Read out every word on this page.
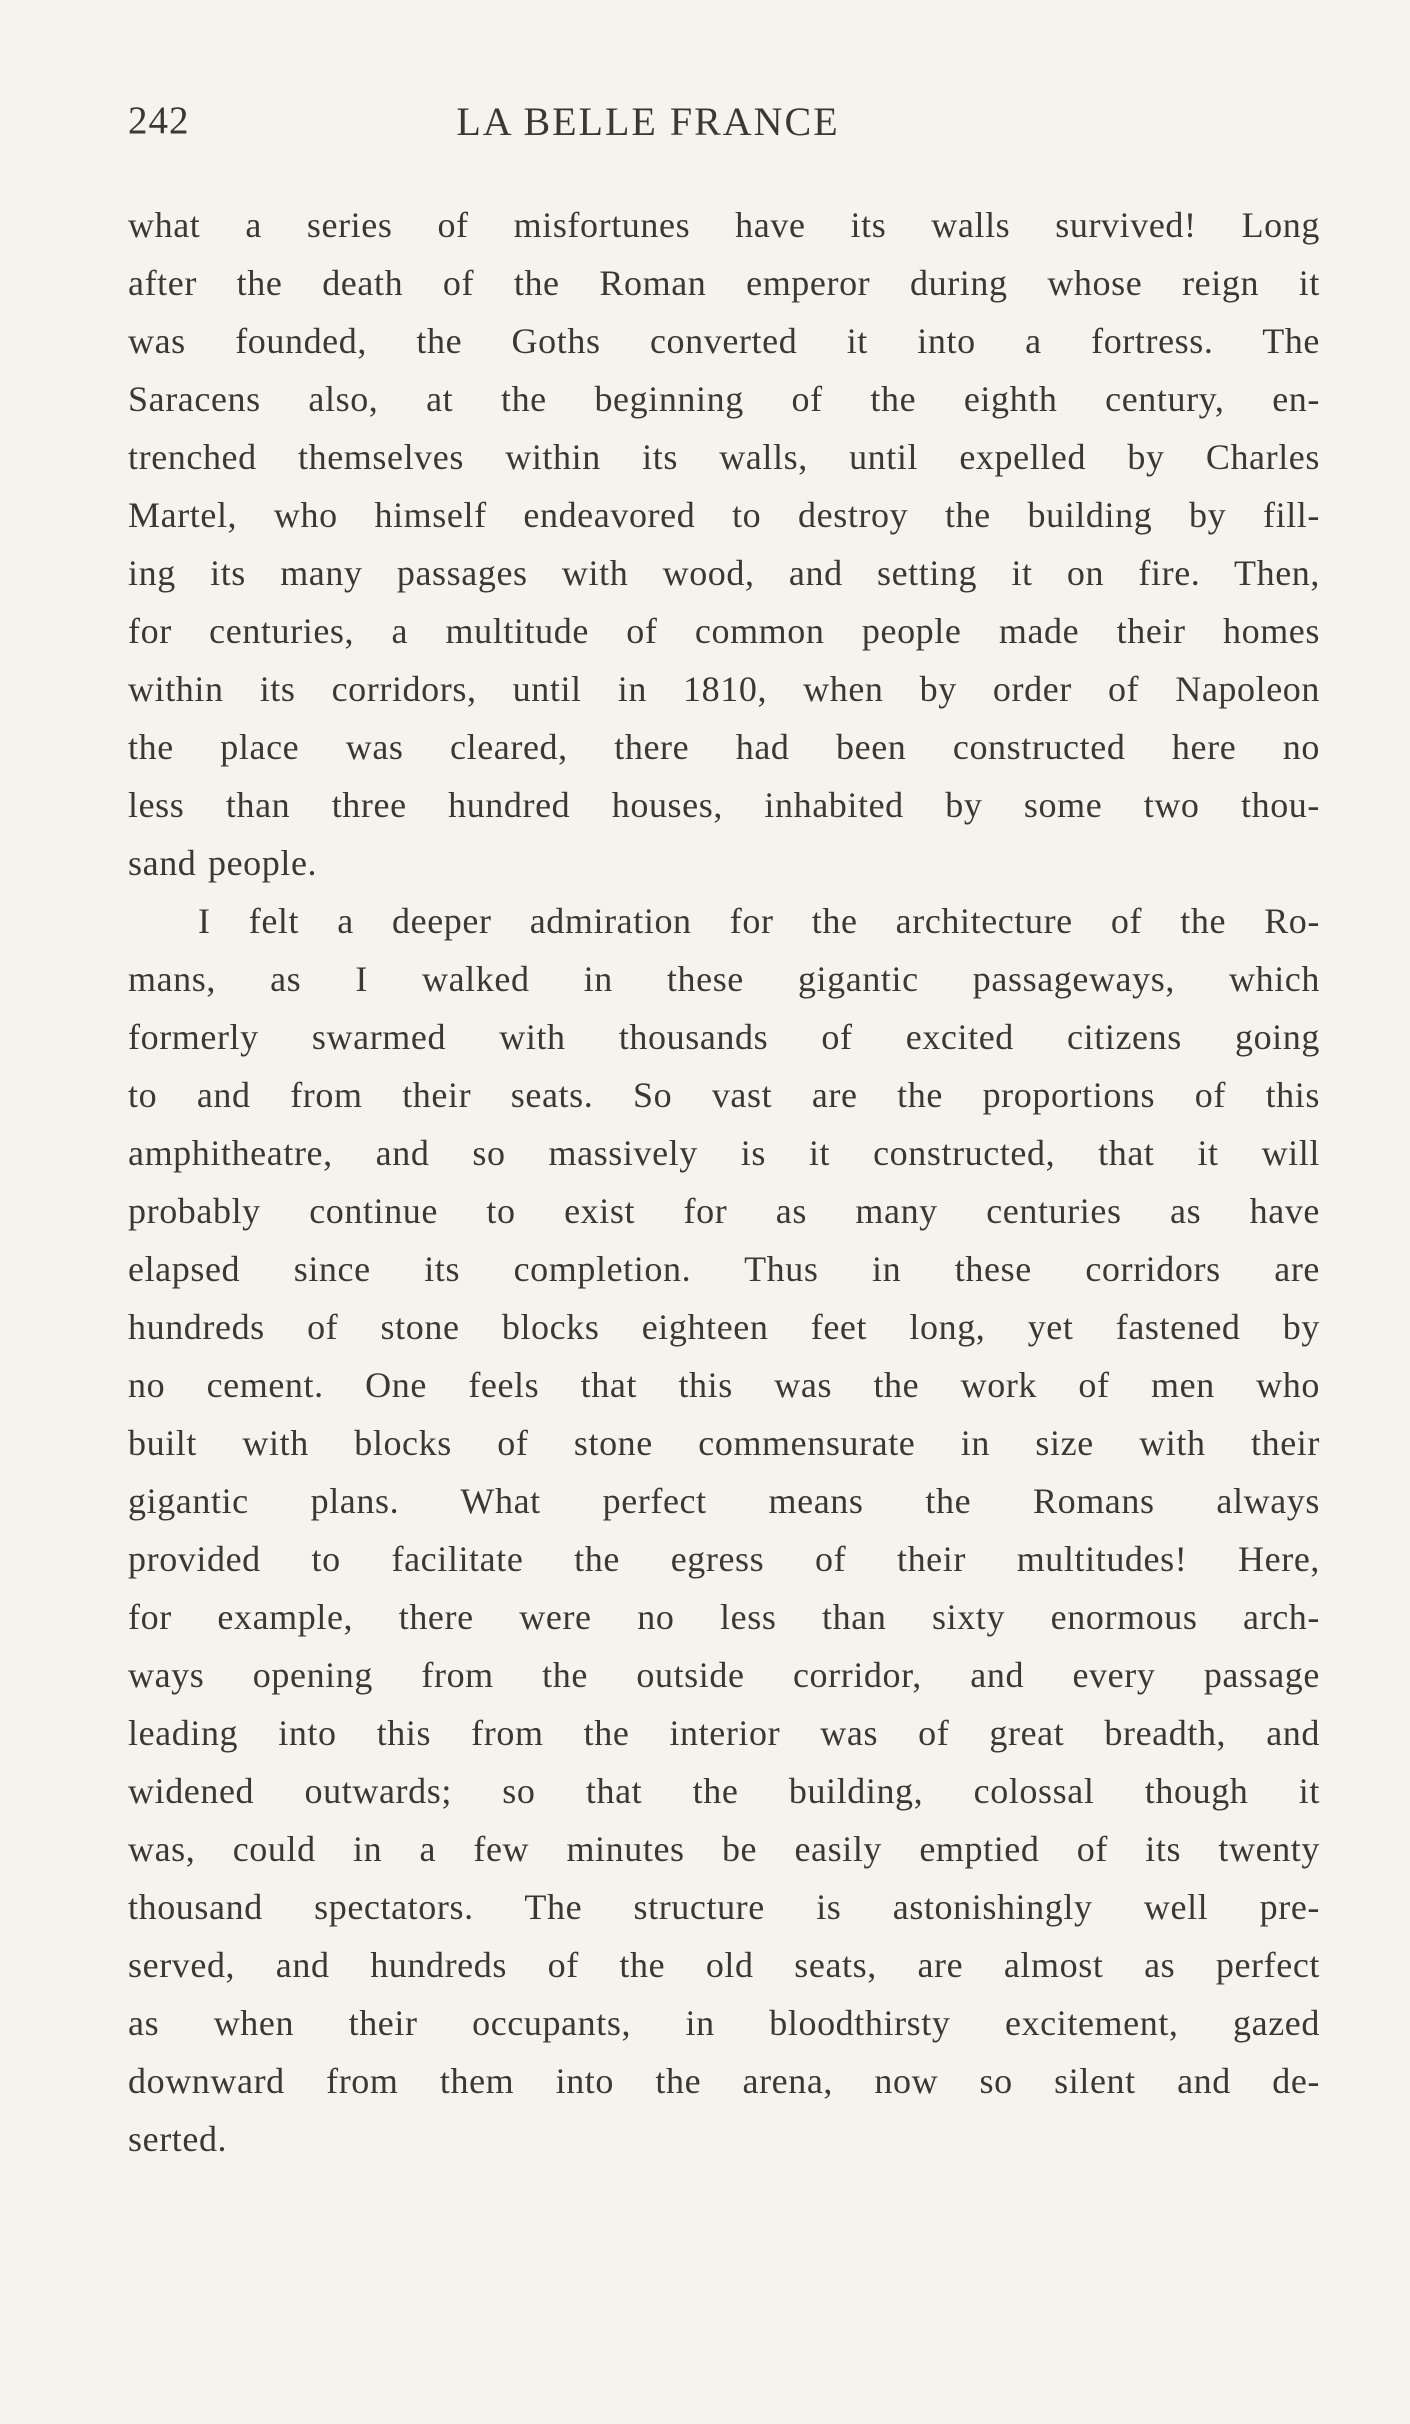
242	LA BELLE FRANCE
what a series of misfortunes have its walls survived! Long
after the death of the Roman emperor during whose reign it
was founded, the Goths converted it into a fortress. The
Saracens also, at the beginning of the eighth century, en-
trenched themselves within its walls, until expelled by Charles
Martel, who himself endeavored to destroy the building by fill-
ing its many passages with wood, and setting it on fire. Then,
for centuries, a multitude of common people made their homes
within its corridors, until in 1810, when by order of Napoleon
the place was cleared, there had been constructed here no
less than three hundred houses, inhabited by some two thou-
sand people.
I felt a deeper admiration for the architecture of the Ro-
mans, as I walked in these gigantic passageways, which
formerly swarmed with thousands of excited citizens going
to and from their seats. So vast are the proportions of this
amphitheatre, and so massively is it constructed, that it will
probably continue to exist for as many centuries as have
elapsed since its completion. Thus in these corridors are
hundreds of stone blocks eighteen feet long, yet fastened by
no cement. One feels that this was the work of men who
built with blocks of stone commensurate in size with their
gigantic plans. What perfect means the Romans always
provided to facilitate the egress of their multitudes! Here,
for example, there were no less than sixty enormous arch-
ways opening from the outside corridor, and every passage
leading into this from the interior was of great breadth, and
widened outwards; so that the building, colossal though it
was, could in a few minutes be easily emptied of its twenty
thousand spectators. The structure is astonishingly well pre-
served, and hundreds of the old seats, are almost as perfect
as when their occupants, in bloodthirsty excitement, gazed
downward from them into the arena, now so silent and de-
serted.
